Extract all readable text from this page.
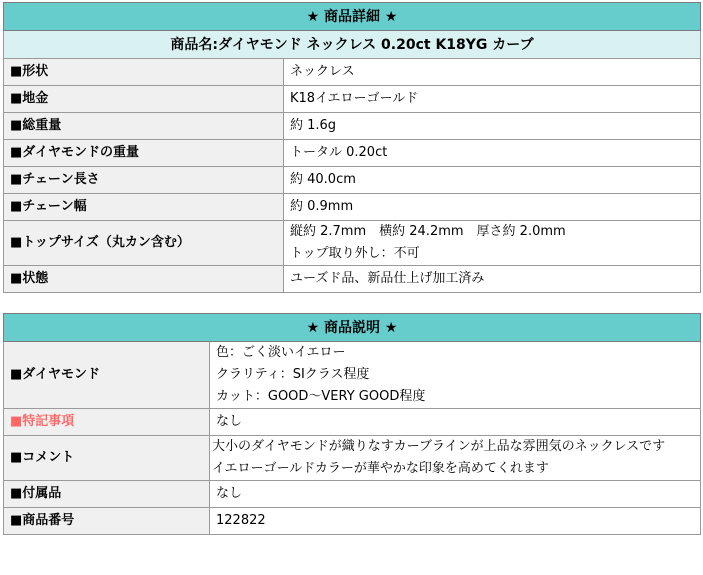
★ 商品詳細 ★	
商品名:ダイヤモンド ネックレス 0.20ct K18YG カーブ	
■形状	ネックレス
■地金	K18イエローゴールド
■総重量	約 1.6g
■ダイヤモンドの重量	トータル 0.20ct
■チェーン長さ	約 40.0cm
■チェーン幅	約 0.9mm
■トップサイズ（丸カン含む）	縦約 2.7mm　横約 24.2mm　厚さ約 2.0mm
トップ取り外し：不可

■状態	ユーズド品、新品仕上げ加工済み
★ 商品説明 ★	
■ダイヤモンド	色：ごく淡いイエロー
クラリティ：SIクラス程度
カット：GOOD～VERY GOOD程度

■特記事項	なし
■コメント	大小のダイヤモンドが織りなすカーブラインが上品な雰囲気のネックレスです
イエローゴールドカラーが華やかな印象を高めてくれます

■付属品	なし
■商品番号	122822
